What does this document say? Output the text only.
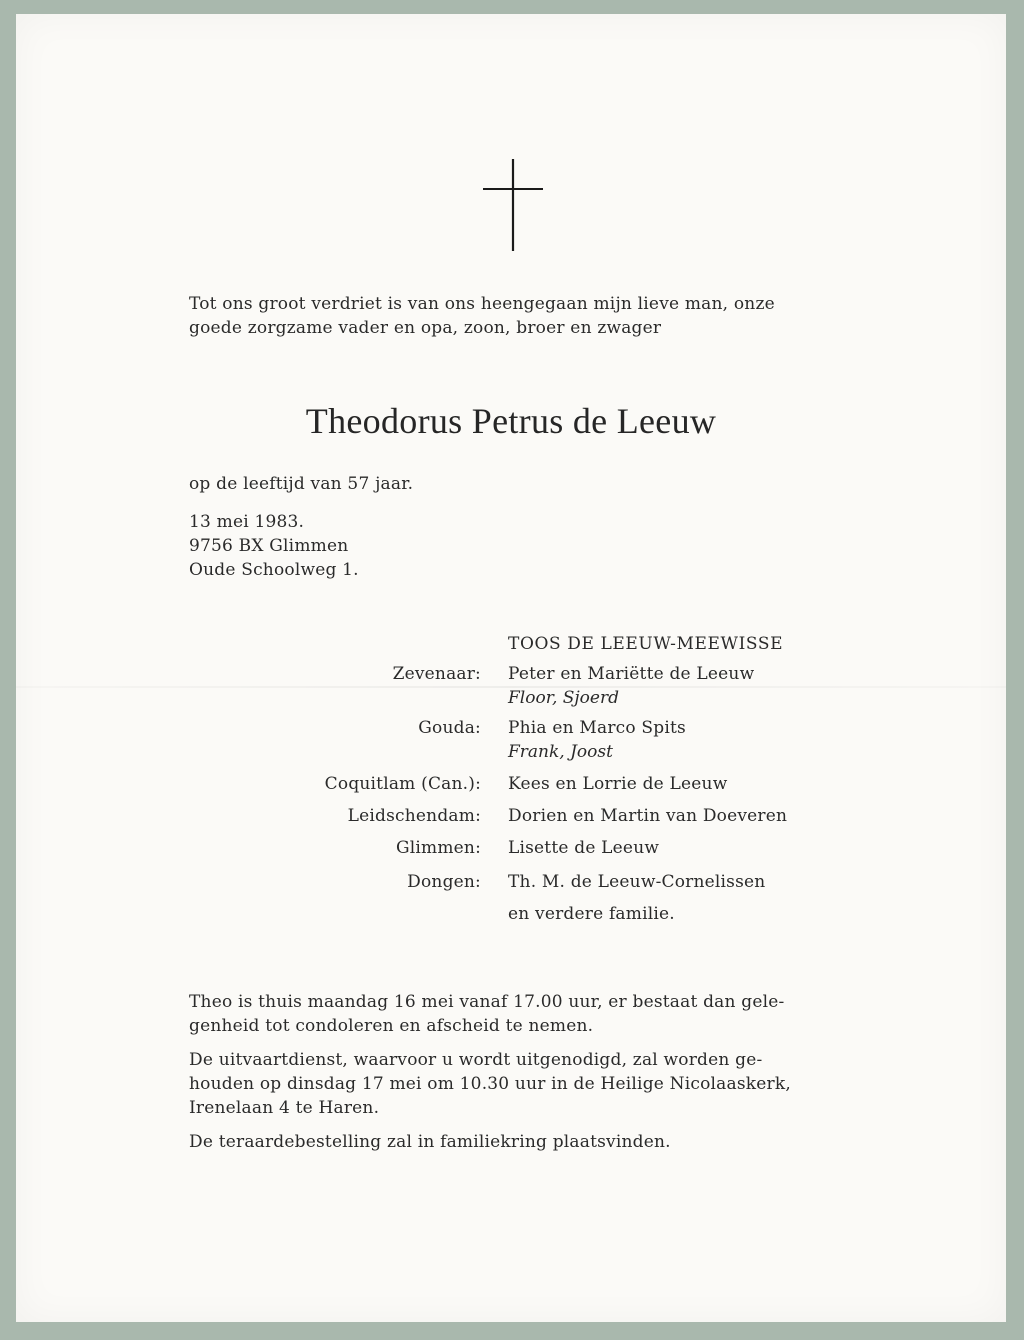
Tot ons groot verdriet is van ons heengegaan mijn lieve man, onze
goede zorgzame vader en opa, zoon, broer en zwager
Theodorus Petrus de Leeuw
op de leeftijd van 57 jaar.
13 mei 1983.
9756 BX Glimmen
Oude Schoolweg 1.
TOOS DE LEEUW-MEEWISSE
Zevenaar: Peter en Mariëtte de Leeuw
Floor, Sjoerd
Gouda: Phia en Marco Spits
Frank, Joost
Coquitlam (Can.): Kees en Lorrie de Leeuw
Leidschendam: Dorien en Martin van Doeveren
Glimmen: Lisette de Leeuw
Dongen: Th. M. de Leeuw-Cornelissen
en verdere familie.
Theo is thuis maandag 16 mei vanaf 17.00 uur, er bestaat dan gele-
genheid tot condoleren en afscheid te nemen.
De uitvaartdienst, waarvoor u wordt uitgenodigd, zal worden ge-
houden op dinsdag 17 mei om 10.30 uur in de Heilige Nicolaaskerk,
Irenelaan 4 te Haren.
De teraardebestelling zal in familiekring plaatsvinden.
